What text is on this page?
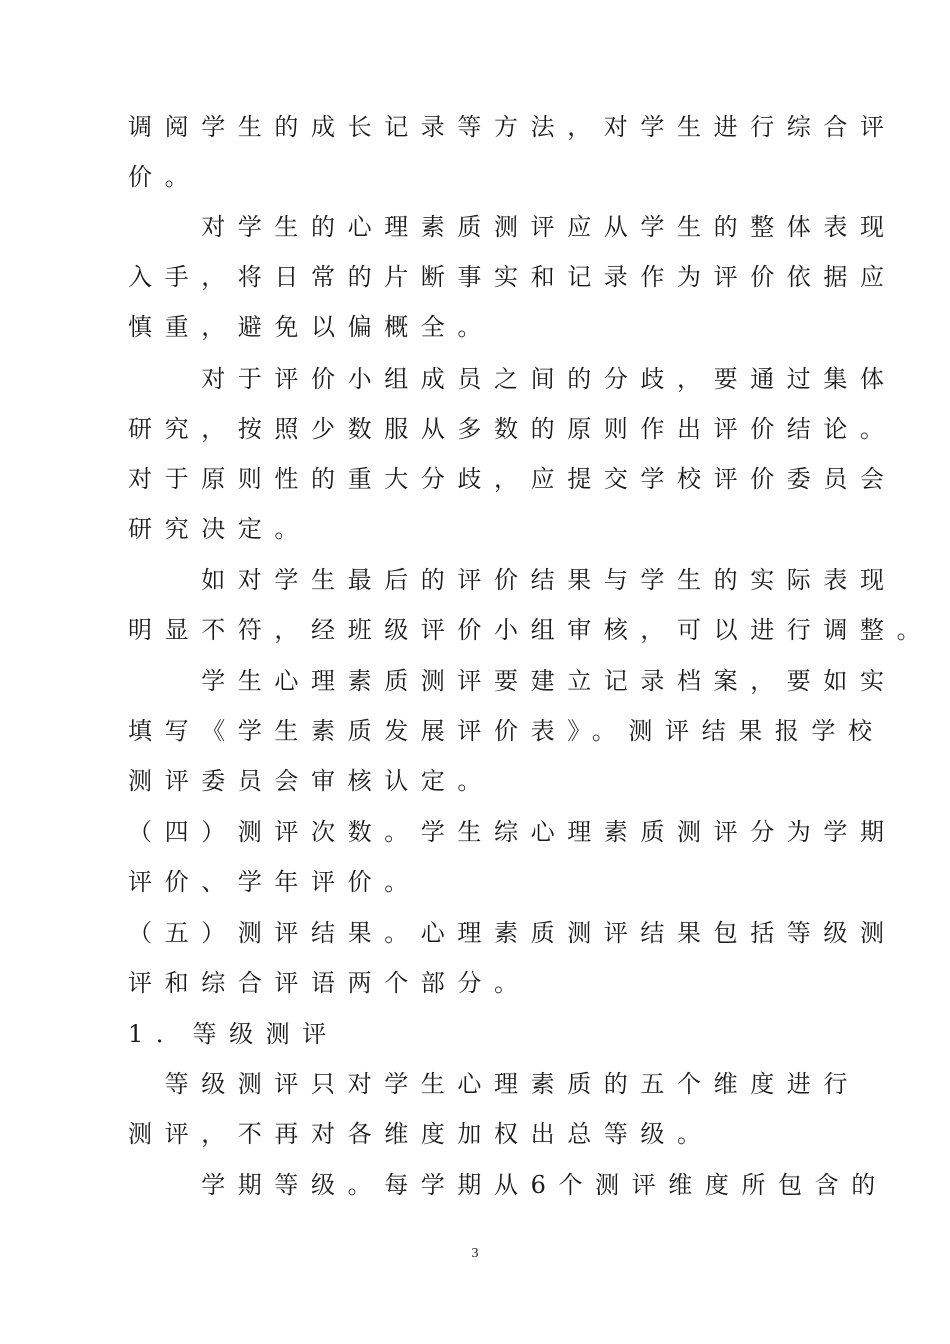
调阅学生的成长记录等方法，对学生进行综合评
价。
　　对学生的心理素质测评应从学生的整体表现
入手，将日常的片断事实和记录作为评价依据应
慎重，避免以偏概全。
　　对于评价小组成员之间的分歧，要通过集体
研究，按照少数服从多数的原则作出评价结论。
对于原则性的重大分歧，应提交学校评价委员会
研究决定。
　　如对学生最后的评价结果与学生的实际表现
明显不符，经班级评价小组审核，可以进行调整。
　　学生心理素质测评要建立记录档案，要如实
填写《学生素质发展评价表》。测评结果报学校
测评委员会审核认定。
（四）测评次数。学生综心理素质测评分为学期
评价、学年评价。
（五）测评结果。心理素质测评结果包括等级测
评和综合评语两个部分。
1．等级测评
　等级测评只对学生心理素质的五个维度进行
测评，不再对各维度加权出总等级。
　　学期等级。每学期从6个测评维度所包含的
3
